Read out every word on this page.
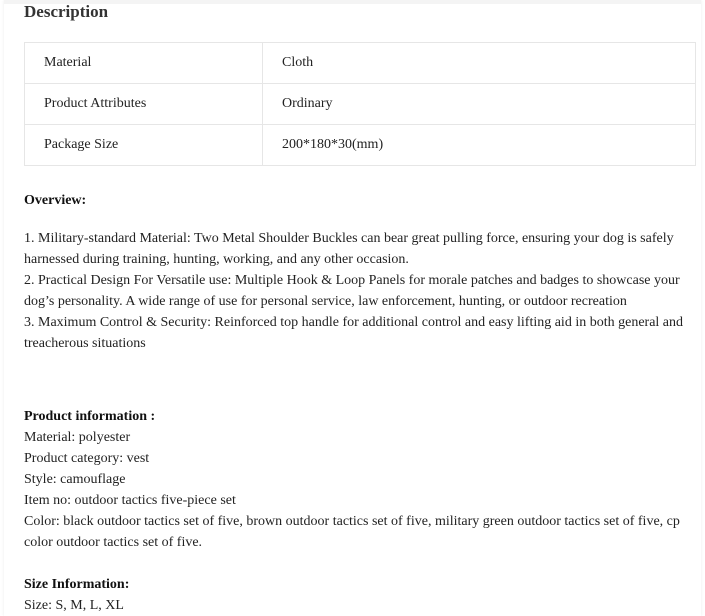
Description
Material	Cloth
Product Attributes	Ordinary
Package Size	200*180*30(mm)
Overview:
1. Military-standard Material: Two Metal Shoulder Buckles can bear great pulling force, ensuring your dog is safely
harnessed during training, hunting, working, and any other occasion.
2. Practical Design For Versatile use: Multiple Hook & Loop Panels for morale patches and badges to showcase your
dog’s personality. A wide range of use for personal service, law enforcement, hunting, or outdoor recreation
3. Maximum Control & Security: Reinforced top handle for additional control and easy lifting aid in both general and
treacherous situations
Product information :
Material: polyester
Product category: vest
Style: camouflage
Item no: outdoor tactics five-piece set
Color: black outdoor tactics set of five, brown outdoor tactics set of five, military green outdoor tactics set of five, cp
color outdoor tactics set of five.
Size Information:
Size: S, M, L, XL
